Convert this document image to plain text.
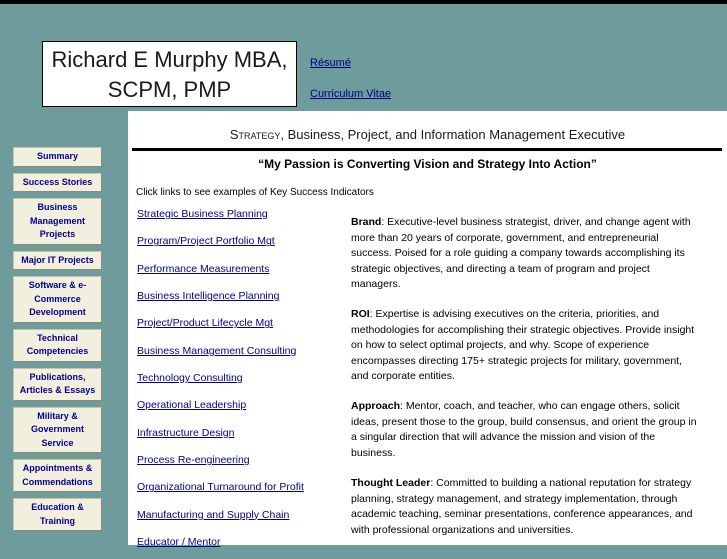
Richard E Murphy MBA,
SCPM, PMP
Résumé
Curriculum Vitae
Summary
Success Stories
Business Management Projects
Major IT Projects
Software & e-Commerce Development
Technical Competencies
Publications, Articles & Essays
Military & Government Service
Appointments & Commendations
Education & Training
Strategy, Business, Project, and Information Management Executive
“My Passion is Converting Vision and Strategy Into Action”
Click links to see examples of Key Success Indicators
Strategic Business Planning
Program/Project Portfolio Mgt
Performance Measurements
Business Intelligence Planning
Project/Product Lifecycle Mgt
Business Management Consulting
Technology Consulting
Operational Leadership
Infrastructure Design
Process Re-engineering
Organizational Turnaround for Profit
Manufacturing and Supply Chain
Educator / Mentor

Brand: Executive-level business strategist, driver, and change agent with more than 20 years of corporate, government, and entrepreneurial success. Poised for a role guiding a company towards accomplishing its strategic objectives, and directing a team of program and project managers.

ROI: Expertise is advising executives on the criteria, priorities, and methodologies for accomplishing their strategic objectives. Provide insight on how to select optimal projects, and why. Scope of experience encompasses directing 175+ strategic projects for military, government, and corporate entities.

Approach: Mentor, coach, and teacher, who can engage others, solicit ideas, present those to the group, build consensus, and orient the group in a singular direction that will advance the mission and vision of the business.

Thought Leader: Committed to building a national reputation for strategy planning, strategy management, and strategy implementation, through academic teaching, seminar presentations, conference appearances, and with professional organizations and universities.
